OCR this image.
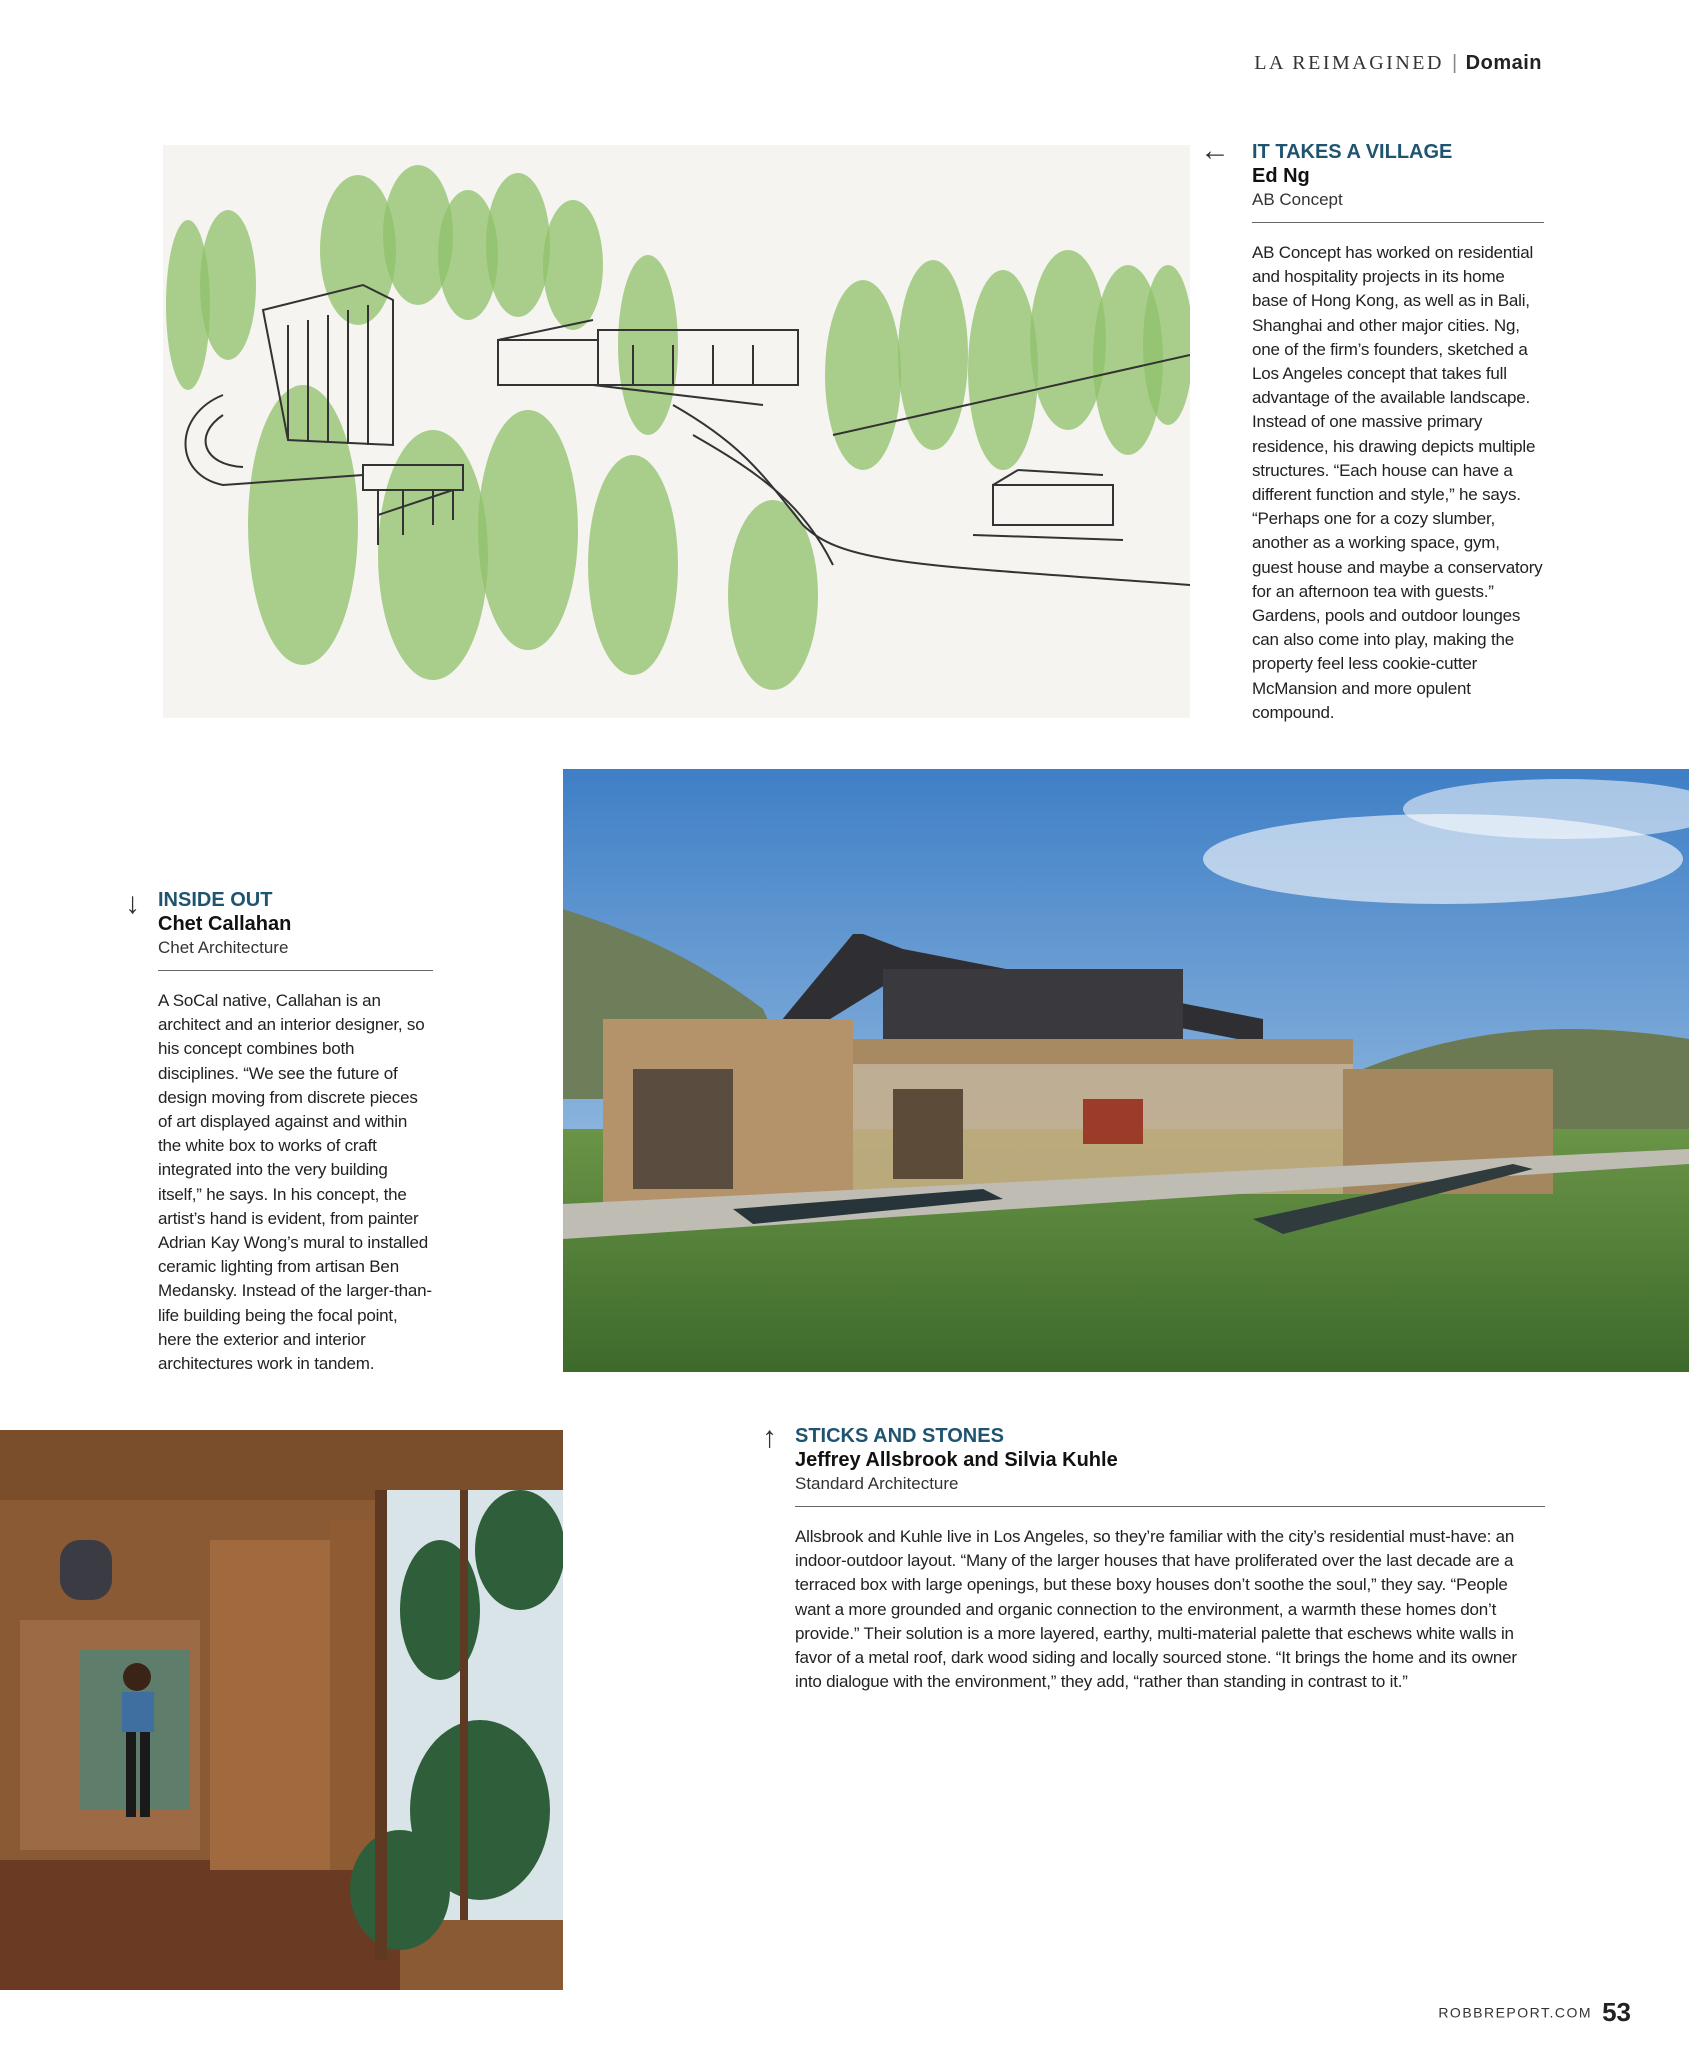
LA REIMAGINED | Domain
← IT TAKES A VILLAGE
Ed Ng
AB Concept
AB Concept has worked on residential and hospitality projects in its home base of Hong Kong, as well as in Bali, Shanghai and other major cities. Ng, one of the firm’s founders, sketched a Los Angeles concept that takes full advantage of the available landscape. Instead of one massive primary residence, his drawing depicts multiple structures. “Each house can have a different function and style,” he says. “Perhaps one for a cozy slumber, another as a working space, gym, guest house and maybe a conservatory for an afternoon tea with guests.” Gardens, pools and outdoor lounges can also come into play, making the property feel less cookie-cutter McMansion and more opulent compound.
↓ INSIDE OUT
Chet Callahan
Chet Architecture
A SoCal native, Callahan is an architect and an interior designer, so his concept combines both disciplines. “We see the future of design moving from discrete pieces of art displayed against and within the white box to works of craft integrated into the very building itself,” he says. In his concept, the artist’s hand is evident, from painter Adrian Kay Wong’s mural to installed ceramic lighting from artisan Ben Medansky. Instead of the larger-than-life building being the focal point, here the exterior and interior architectures work in tandem.
↑ STICKS AND STONES
Jeffrey Allsbrook and Silvia Kuhle
Standard Architecture
Allsbrook and Kuhle live in Los Angeles, so they’re familiar with the city’s residential must-have: an indoor-outdoor layout. “Many of the larger houses that have proliferated over the last decade are a terraced box with large openings, but these boxy houses don’t soothe the soul,” they say. “People want a more grounded and organic connection to the environment, a warmth these homes don’t provide.” Their solution is a more layered, earthy, multi-material palette that eschews white walls in favor of a metal roof, dark wood siding and locally sourced stone. “It brings the home and its owner into dialogue with the environment,” they add, “rather than standing in contrast to it.”
ROBBREPORT.COM 53
